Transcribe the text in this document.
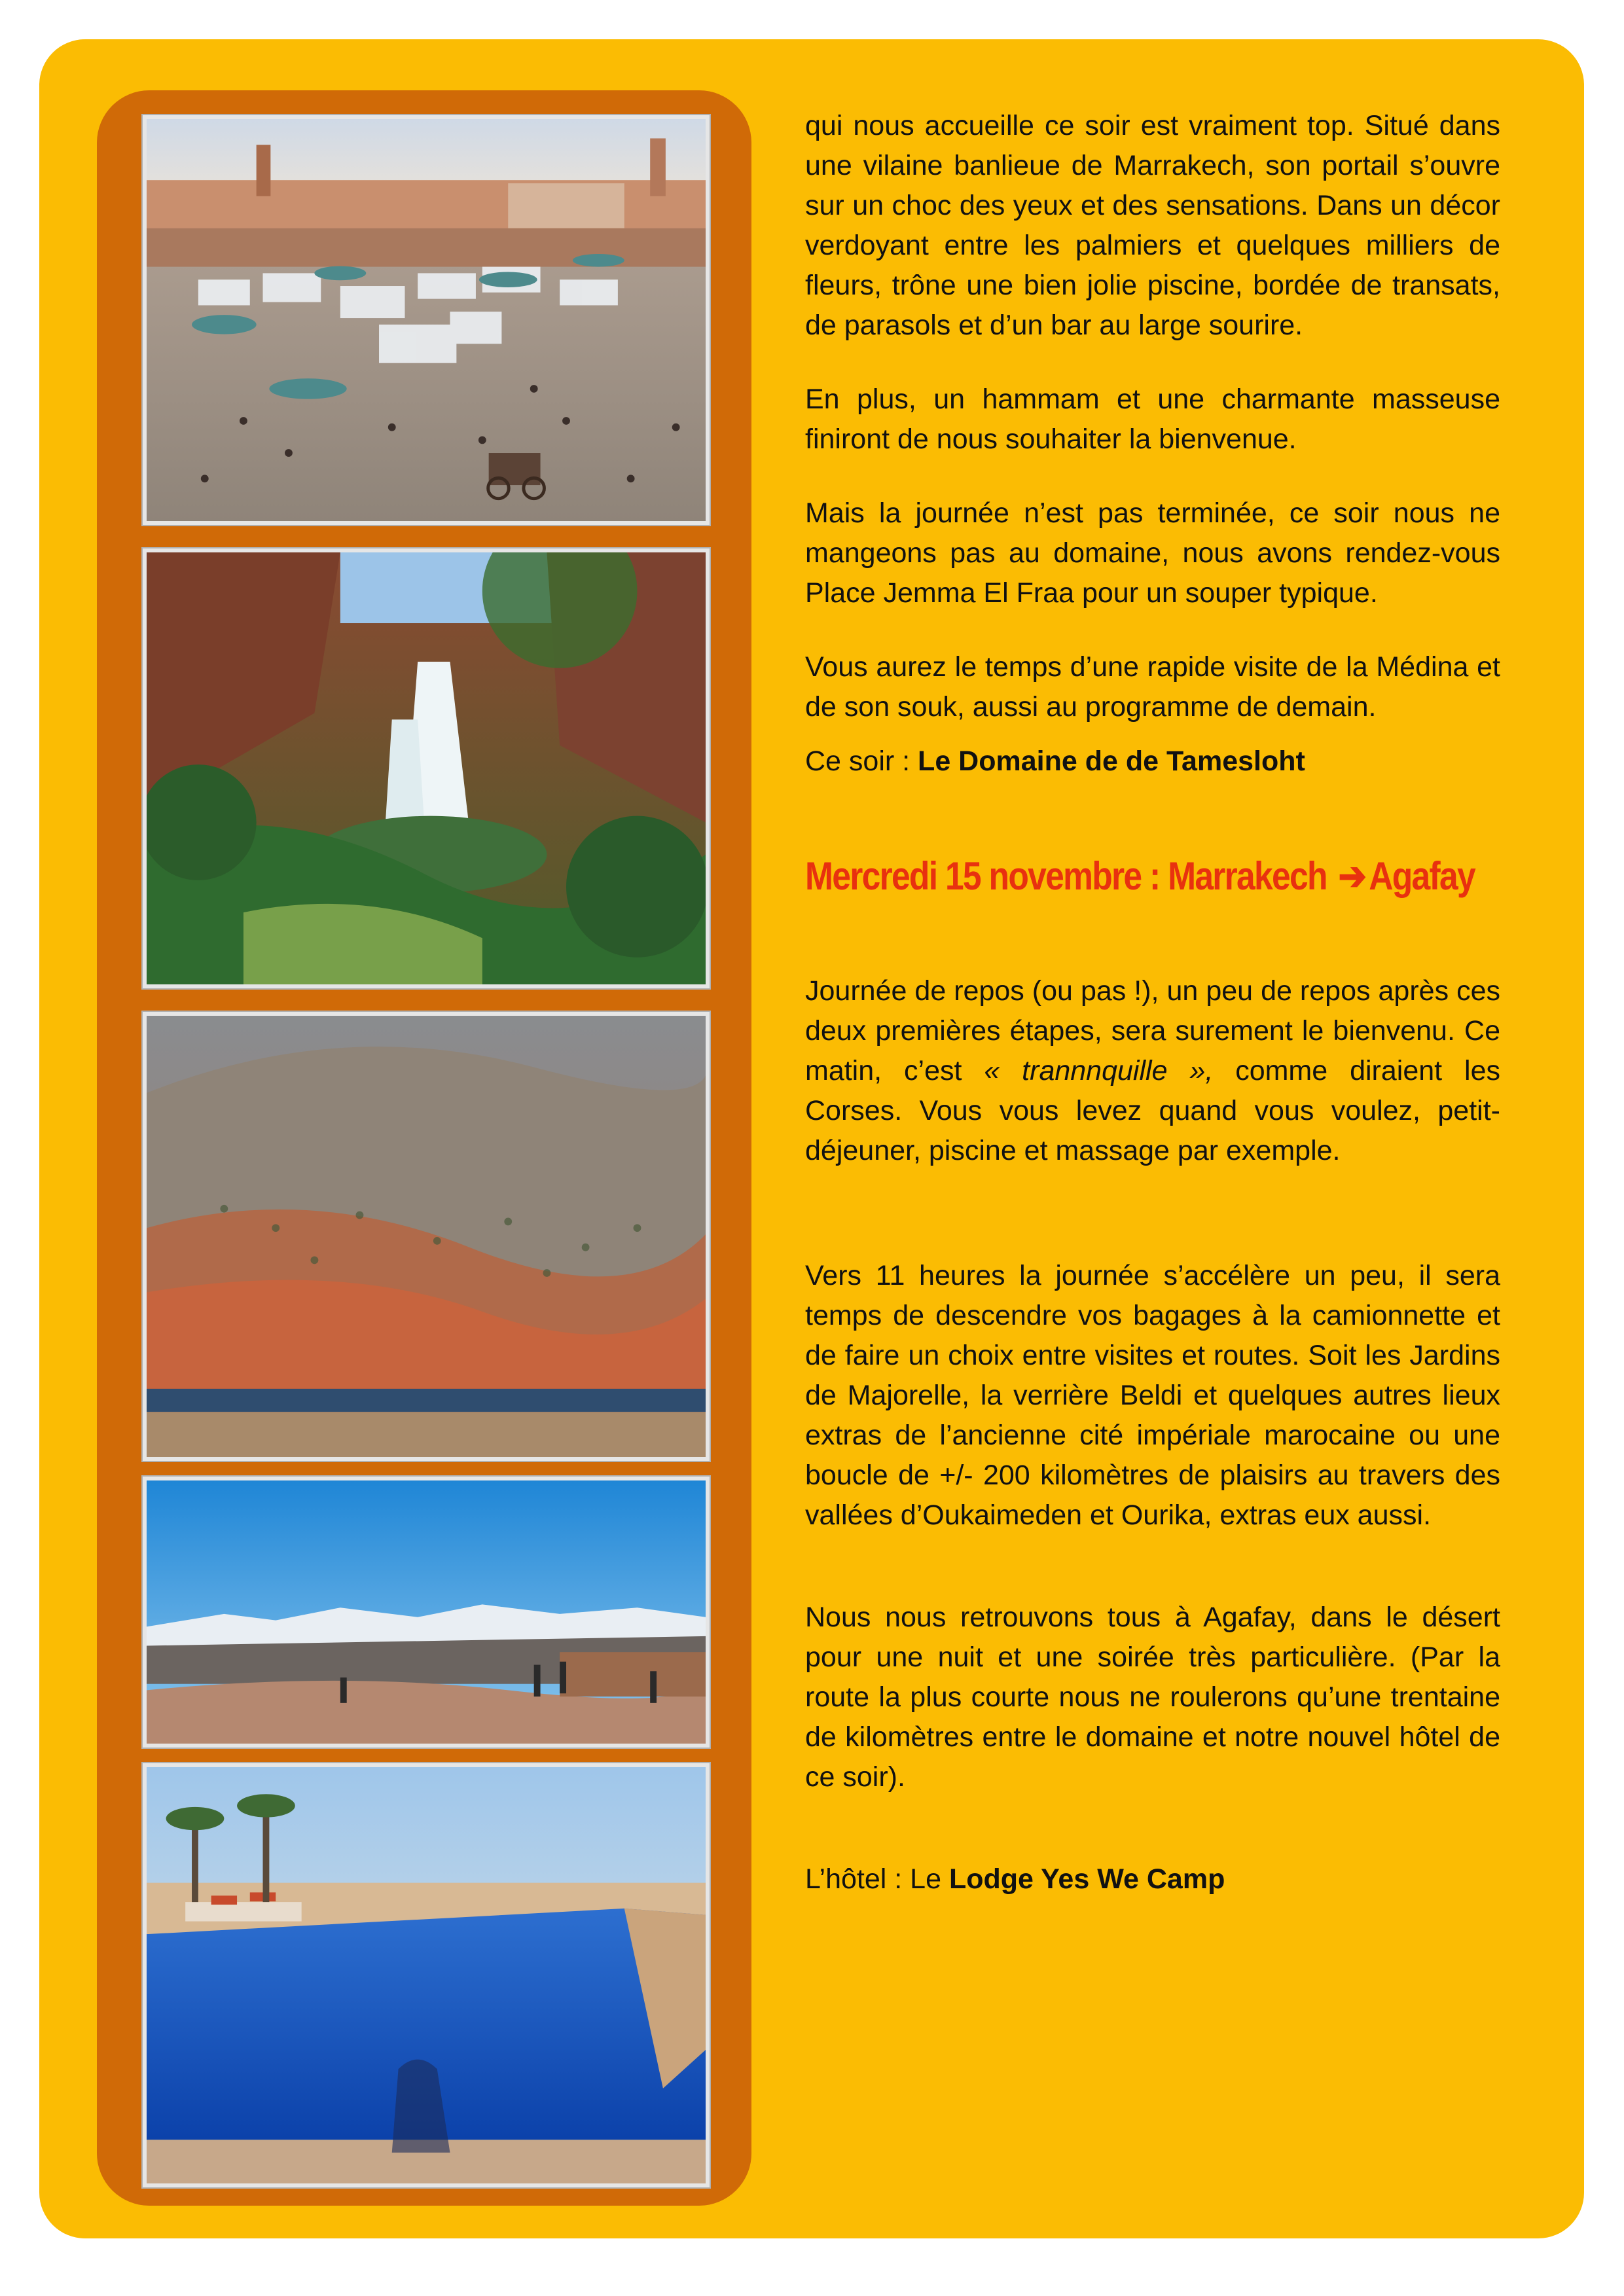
qui nous accueille ce soir est vraiment top. Situé dans une vilaine banlieue de Marrakech, son portail s’ouvre sur un choc des yeux et des sensations. Dans un décor verdoyant entre les palmiers et quelques milliers de fleurs, trône une bien jolie piscine, bordée de transats, de parasols et d’un bar au large sourire.

En plus, un hammam et une charmante masseuse finiront de nous souhaiter la bienvenue.

Mais la journée n’est pas terminée, ce soir nous ne mangeons pas au domaine, nous avons rendez-vous Place Jemma El Fraa pour un souper typique.

Vous aurez le temps d’une rapide visite de la Médina et de son souk, aussi au programme de demain.

Ce soir : Le Domaine de de Tamesloht

Mercredi 15 novembre : Marrakech ➔Agafay

Journée de repos (ou pas !), un peu de repos après ces deux premières étapes, sera surement le bienvenu. Ce matin, c’est « trannnquille », comme diraient les Corses. Vous vous levez quand vous voulez, petit-déjeuner, piscine et massage par exemple.

Vers 11 heures la journée s’accélère un peu, il sera temps de descendre vos bagages à la camionnette et de faire un choix entre visites et routes. Soit les Jardins de Majorelle, la verrière Beldi et quelques autres lieux extras de l’ancienne cité impériale marocaine ou une boucle de +/- 200 kilomètres de plaisirs au travers des vallées d’Oukaimeden et Ourika, extras eux aussi.

Nous nous retrouvons tous à Agafay, dans le désert pour une nuit et une soirée très particulière. (Par la route la plus courte nous ne roulerons qu’une trentaine de kilomètres entre le domaine et notre nouvel hôtel de ce soir).

L’hôtel : Le Lodge Yes We Camp
